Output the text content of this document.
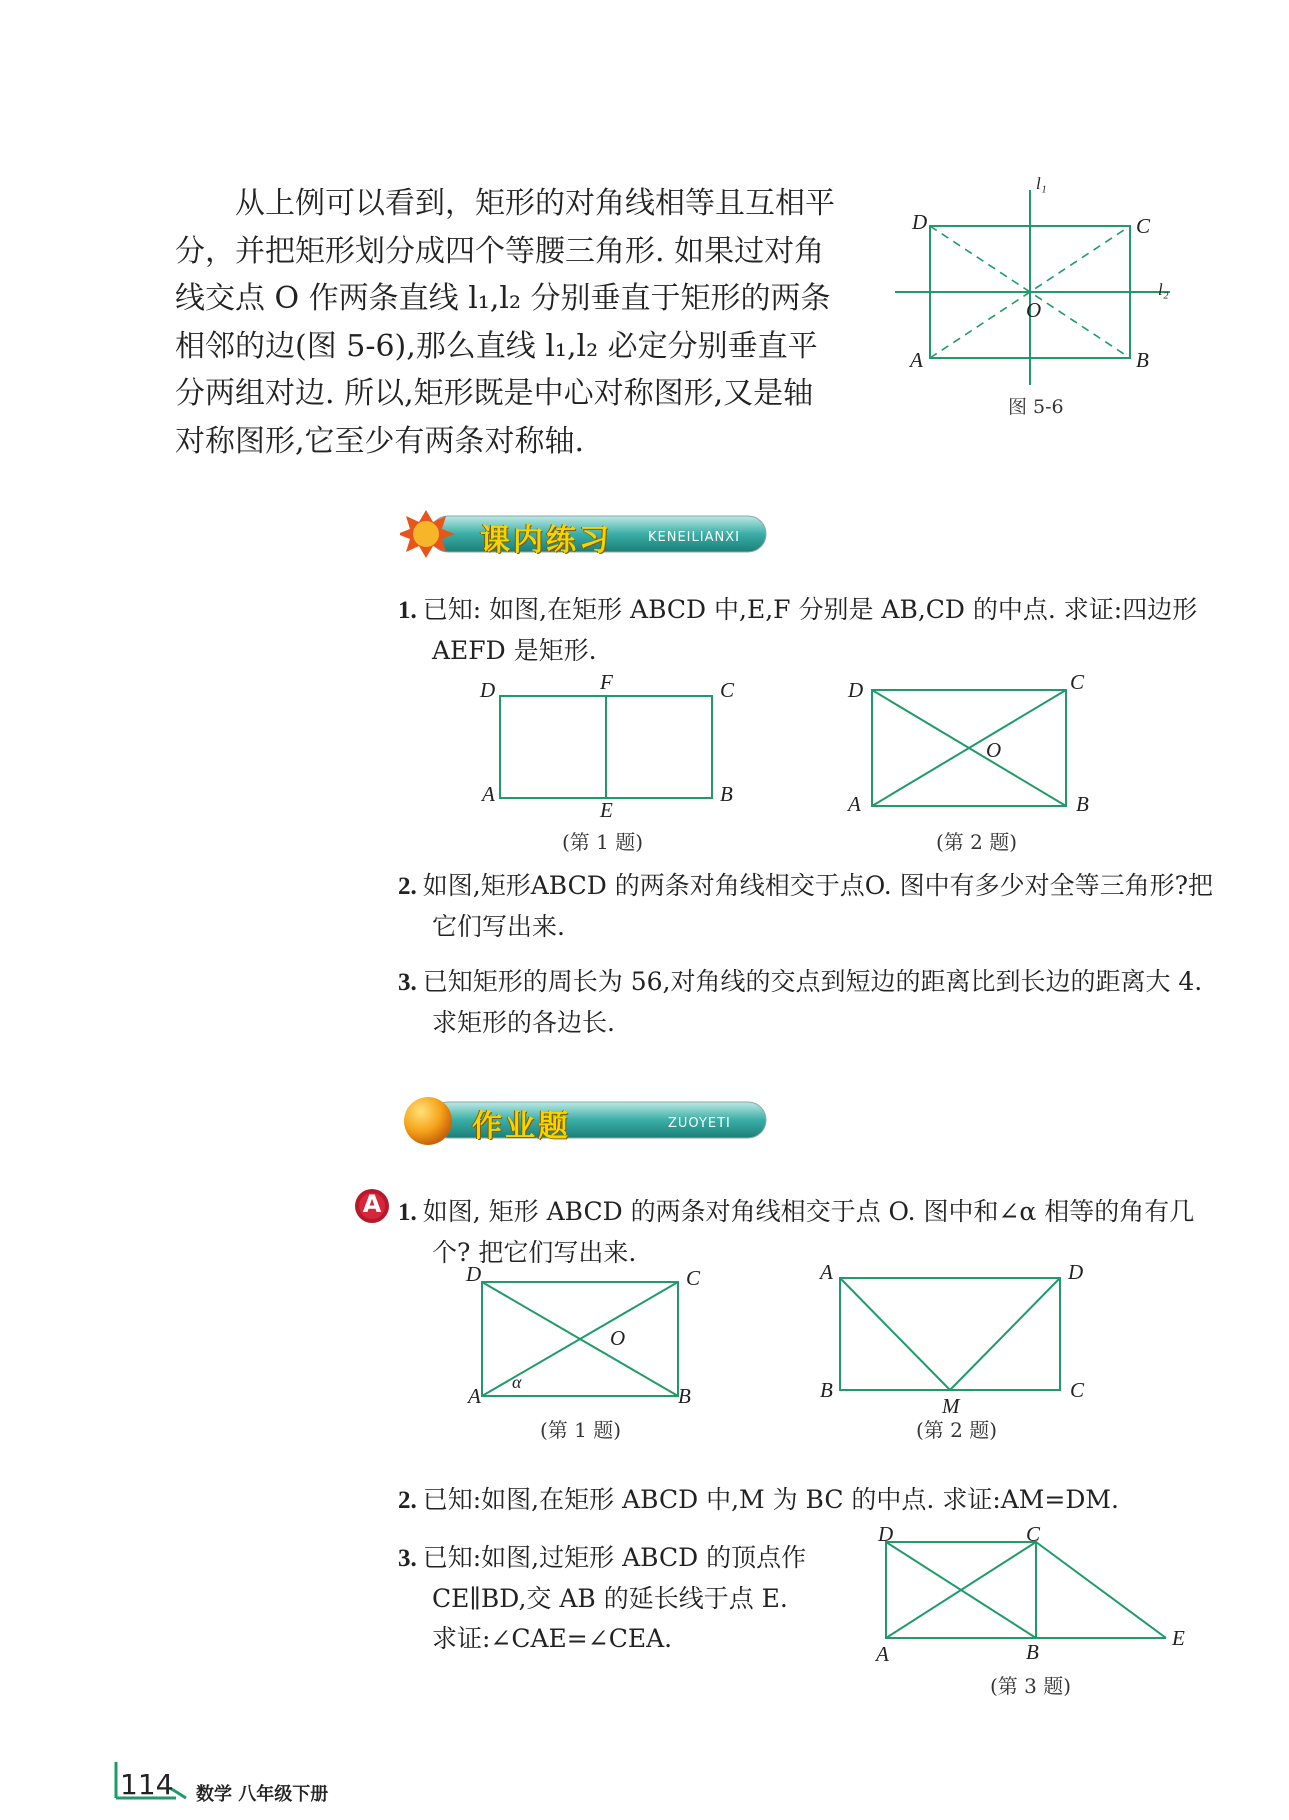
从上例可以看到，矩形的对角线相等且互相平

分，并把矩形划分成四个等腰三角形. 如果过对角

线交点 O 作两条直线 l₁,l₂ 分别垂直于矩形的两条

相邻的边(图 5-6),那么直线 l₁,l₂ 必定分别垂直平

分两组对边. 所以,矩形既是中心对称图形,又是轴

对称图形,它至少有两条对称轴.

D	C
A	B
O
l₁
l₂
图 5-6
课内练习	KENEILIANXI
1. 已知: 如图,在矩形 ABCD 中,E,F 分别是 AB,CD 的中点. 求证:四边形 AEFD 是矩形.
D	F	C
A
E
B
(第 1 题)
D	C
O
A	B
(第 2 题)
2. 如图,矩形ABCD 的两条对角线相交于点O. 图中有多少对全等三角形?把它们写出来.
3. 已知矩形的周长为 56,对角线的交点到短边的距离比到长边的距离大 4. 求矩形的各边长.
作业题	ZUOYETI
A 1. 如图, 矩形 ABCD 的两条对角线相交于点 O. 图中和∠α 相等的角有几个? 把它们写出来.
D	C
O
A
α
B
(第 1 题)
A	D
B
M
C
(第 2 题)
2. 已知:如图,在矩形 ABCD 中,M 为 BC 的中点. 求证:AM=DM.
3. 已知:如图,过矩形 ABCD 的顶点作
CE∥BD,交 AB 的延长线于点 E.
求证:∠CAE=∠CEA.
D	C
A	B
E
(第 3 题)
114 数学 八年级下册
